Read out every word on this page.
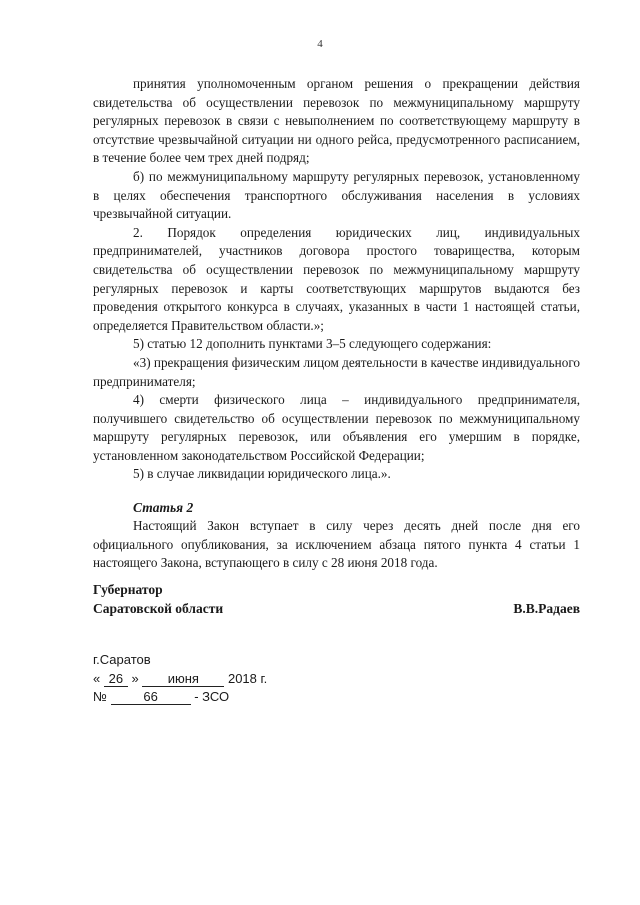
4

принятия уполномоченным органом решения о прекращении действия свидетельства об осуществлении перевозок по межмуниципальному маршруту регулярных перевозок в связи с невыполнением по соответствующему маршруту в отсутствие чрезвычайной ситуации ни одного рейса, предусмотренного расписанием, в течение более чем трех дней подряд;

б) по межмуниципальному маршруту регулярных перевозок, установленному в целях обеспечения транспортного обслуживания населения в условиях чрезвычайной ситуации.

2. Порядок определения юридических лиц, индивидуальных предпринимателей, участников договора простого товарищества, которым свидетельства об осуществлении перевозок по межмуниципальному маршруту регулярных перевозок и карты соответствующих маршрутов выдаются без проведения открытого конкурса в случаях, указанных в части 1 настоящей статьи, определяется Правительством области.»;

5) статью 12 дополнить пунктами 3–5 следующего содержания:

«3) прекращения физическим лицом деятельности в качестве индивидуального предпринимателя;

4) смерти физического лица – индивидуального предпринимателя, получившего свидетельство об осуществлении перевозок по межмуниципальному маршруту регулярных перевозок, или объявления его умершим в порядке, установленном законодательством Российской Федерации;

5) в случае ликвидации юридического лица.».

Статья 2

Настоящий Закон вступает в силу через десять дней после дня его официального опубликования, за исключением абзаца пятого пункта 4 статьи 1 настоящего Закона, вступающего в силу с 28 июня 2018 года.

Губернатор
Саратовской области	В.В.Радаев
г.Саратов
« 26 » июня 2018 г.
№	66	- ЗСО
